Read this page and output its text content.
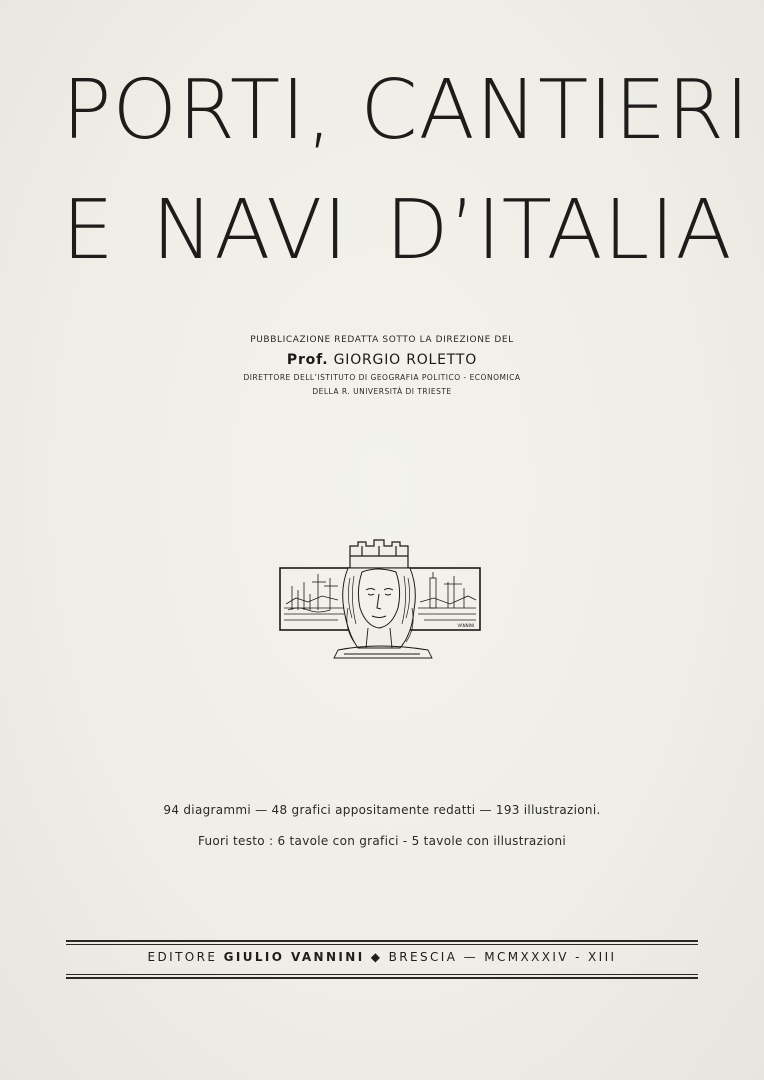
PORTI, CANTIERI
E NAVI D’ITALIA
PUBBLICAZIONE REDATTA SOTTO LA DIREZIONE DEL
Prof. GIORGIO ROLETTO
DIRETTORE DELL’ISTITUTO DI GEOGRAFIA POLITICO - ECONOMICA
DELLA R. UNIVERSITÀ DI TRIESTE
VANNINI
94 diagrammi — 48 grafici appositamente redatti — 193 illustrazioni.
Fuori testo : 6 tavole con grafici - 5 tavole con illustrazioni
EDITORE GIULIO VANNINI ◆ BRESCIA — MCMXXXIV - XIII
